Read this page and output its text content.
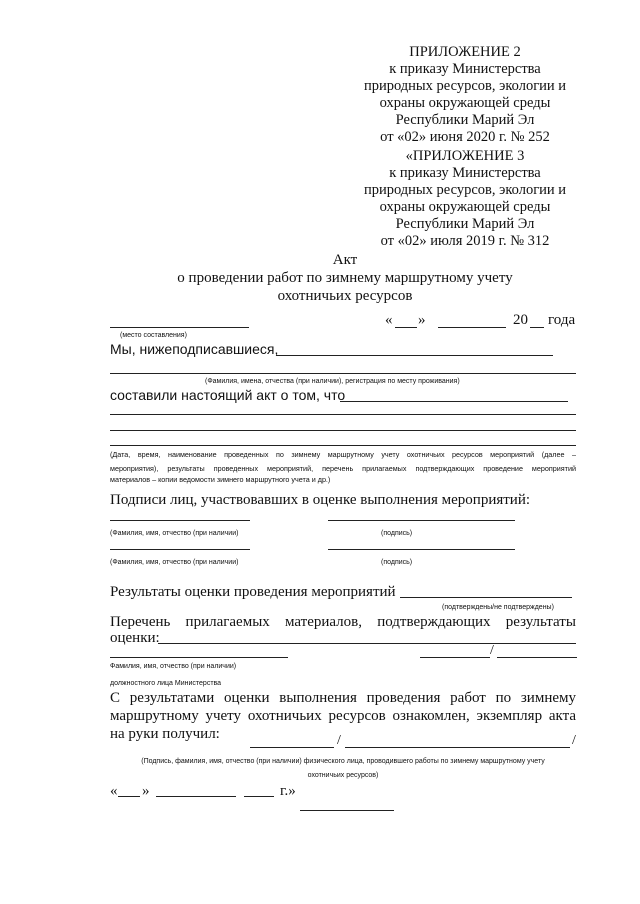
ПРИЛОЖЕНИЕ 2
к приказу Министерства
природных ресурсов, экологии и
охраны окружающей среды
Республики Марий Эл
от «02» июня 2020 г. № 252
«ПРИЛОЖЕНИЕ 3
к приказу Министерства
природных ресурсов, экологии и
охраны окружающей среды
Республики Марий Эл
от «02» июля 2019 г. № 312
Акт
о проведении работ по зимнему маршрутному учету
охотничьих ресурсов
« »	20 года
(место составления)
Мы, нижеподписавшиеся,
(Фамилия, имена, отчества (при наличии), регистрация по месту проживания)
составили настоящий акт о том, что
(Дата, время, наименование проведенных по зимнему маршрутному учету охотничьих ресурсов мероприятий (далее –
мероприятия), результаты проведенных мероприятий, перечень прилагаемых подтверждающих проведение мероприятий
материалов – копии ведомости зимнего маршрутного учета и др.)
Подписи лиц, участвовавших в оценке выполнения мероприятий:
(Фамилия, имя, отчество (при наличии)	(подпись)
(Фамилия, имя, отчество (при наличии)	(подпись)
Результаты оценки проведения мероприятий
(подтверждены/не подтверждены)
Перечень прилагаемых материалов, подтверждающих результаты
оценки:
/
Фамилия, имя, отчество (при наличии)
должностного лица Министерства
С результатами оценки выполнения проведения работ по зимнему
маршрутному учету охотничьих ресурсов ознакомлен, экземпляр акта
на руки получил:	/	/
(Подпись, фамилия, имя, отчество (при наличии) физического лица, проводившего работы по зимнему маршрутному учету
охотничьих ресурсов)
« »	г.»
